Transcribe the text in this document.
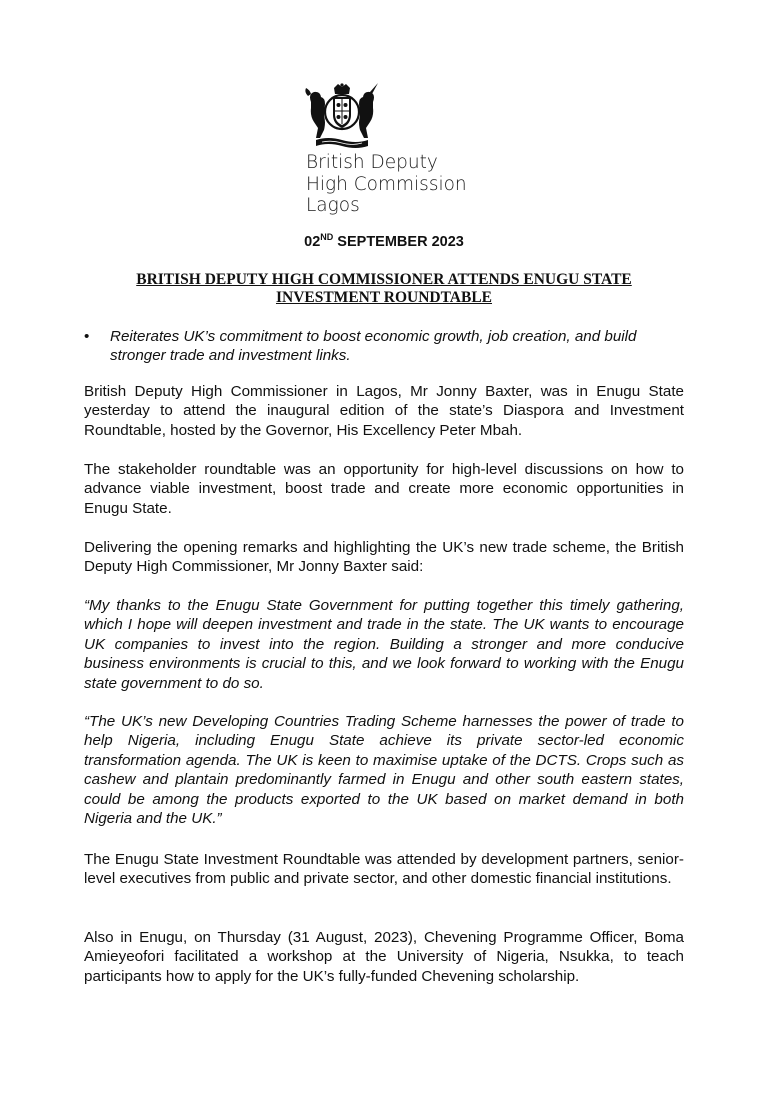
British Deputy
High Commission
Lagos
02ND SEPTEMBER 2023
BRITISH DEPUTY HIGH COMMISSIONER ATTENDS ENUGU STATE INVESTMENT ROUNDTABLE
• Reiterates UK’s commitment to boost economic growth, job creation, and build stronger trade and investment links.

British Deputy High Commissioner in Lagos, Mr Jonny Baxter, was in Enugu State yesterday to attend the inaugural edition of the state’s Diaspora and Investment Roundtable, hosted by the Governor, His Excellency Peter Mbah.

The stakeholder roundtable was an opportunity for high-level discussions on how to advance viable investment, boost trade and create more economic opportunities in Enugu State.

Delivering the opening remarks and highlighting the UK’s new trade scheme, the British Deputy High Commissioner, Mr Jonny Baxter said:

“My thanks to the Enugu State Government for putting together this timely gathering, which I hope will deepen investment and trade in the state. The UK wants to encourage UK companies to invest into the region. Building a stronger and more conducive business environments is crucial to this, and we look forward to working with the Enugu state government to do so.

“The UK’s new Developing Countries Trading Scheme harnesses the power of trade to help Nigeria, including Enugu State achieve its private sector-led economic transformation agenda. The UK is keen to maximise uptake of the DCTS. Crops such as cashew and plantain predominantly farmed in Enugu and other south eastern states, could be among the products exported to the UK based on market demand in both Nigeria and the UK.”

The Enugu State Investment Roundtable was attended by development partners, senior-level executives from public and private sector, and other domestic financial institutions.

Also in Enugu, on Thursday (31 August, 2023), Chevening Programme Officer, Boma Amieyeofori facilitated a workshop at the University of Nigeria, Nsukka, to teach participants how to apply for the UK’s fully-funded Chevening scholarship.
